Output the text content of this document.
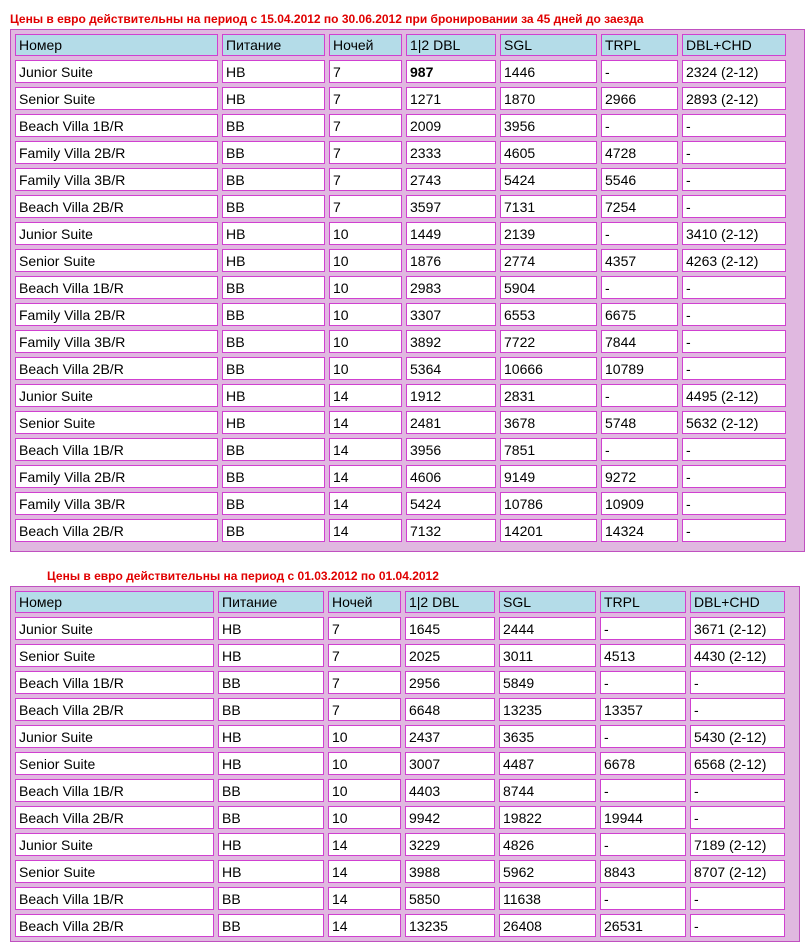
Цены в евро действительны на период с 15.04.2012 по 30.06.2012 при бронировании за 45 дней до заезда
Номер	Питание	Ночей	1|2 DBL	SGL	TRPL	DBL+CHD
Junior Suite	HB	7	987	1446	-	2324 (2-12)
Senior Suite	HB	7	1271	1870	2966	2893 (2-12)
Beach Villa 1B/R	BB	7	2009	3956	-	-
Family Villa 2B/R	BB	7	2333	4605	4728	-
Family Villa 3B/R	BB	7	2743	5424	5546	-
Beach Villa 2B/R	BB	7	3597	7131	7254	-
Junior Suite	HB	10	1449	2139	-	3410 (2-12)
Senior Suite	HB	10	1876	2774	4357	4263 (2-12)
Beach Villa 1B/R	BB	10	2983	5904	-	-
Family Villa 2B/R	BB	10	3307	6553	6675	-
Family Villa 3B/R	BB	10	3892	7722	7844	-
Beach Villa 2B/R	BB	10	5364	10666	10789	-
Junior Suite	HB	14	1912	2831	-	4495 (2-12)
Senior Suite	HB	14	2481	3678	5748	5632 (2-12)
Beach Villa 1B/R	BB	14	3956	7851	-	-
Family Villa 2B/R	BB	14	4606	9149	9272	-
Family Villa 3B/R	BB	14	5424	10786	10909	-
Beach Villa 2B/R	BB	14	7132	14201	14324	-
Цены в евро действительны на период с 01.03.2012 по 01.04.2012
Номер	Питание	Ночей	1|2 DBL	SGL	TRPL	DBL+CHD
Junior Suite	HB	7	1645	2444	-	3671 (2-12)
Senior Suite	HB	7	2025	3011	4513	4430 (2-12)
Beach Villa 1B/R	BB	7	2956	5849	-	-
Beach Villa 2B/R	BB	7	6648	13235	13357	-
Junior Suite	HB	10	2437	3635	-	5430 (2-12)
Senior Suite	HB	10	3007	4487	6678	6568 (2-12)
Beach Villa 1B/R	BB	10	4403	8744	-	-
Beach Villa 2B/R	BB	10	9942	19822	19944	-
Junior Suite	HB	14	3229	4826	-	7189 (2-12)
Senior Suite	HB	14	3988	5962	8843	8707 (2-12)
Beach Villa 1B/R	BB	14	5850	11638	-	-
Beach Villa 2B/R	BB	14	13235	26408	26531	-
